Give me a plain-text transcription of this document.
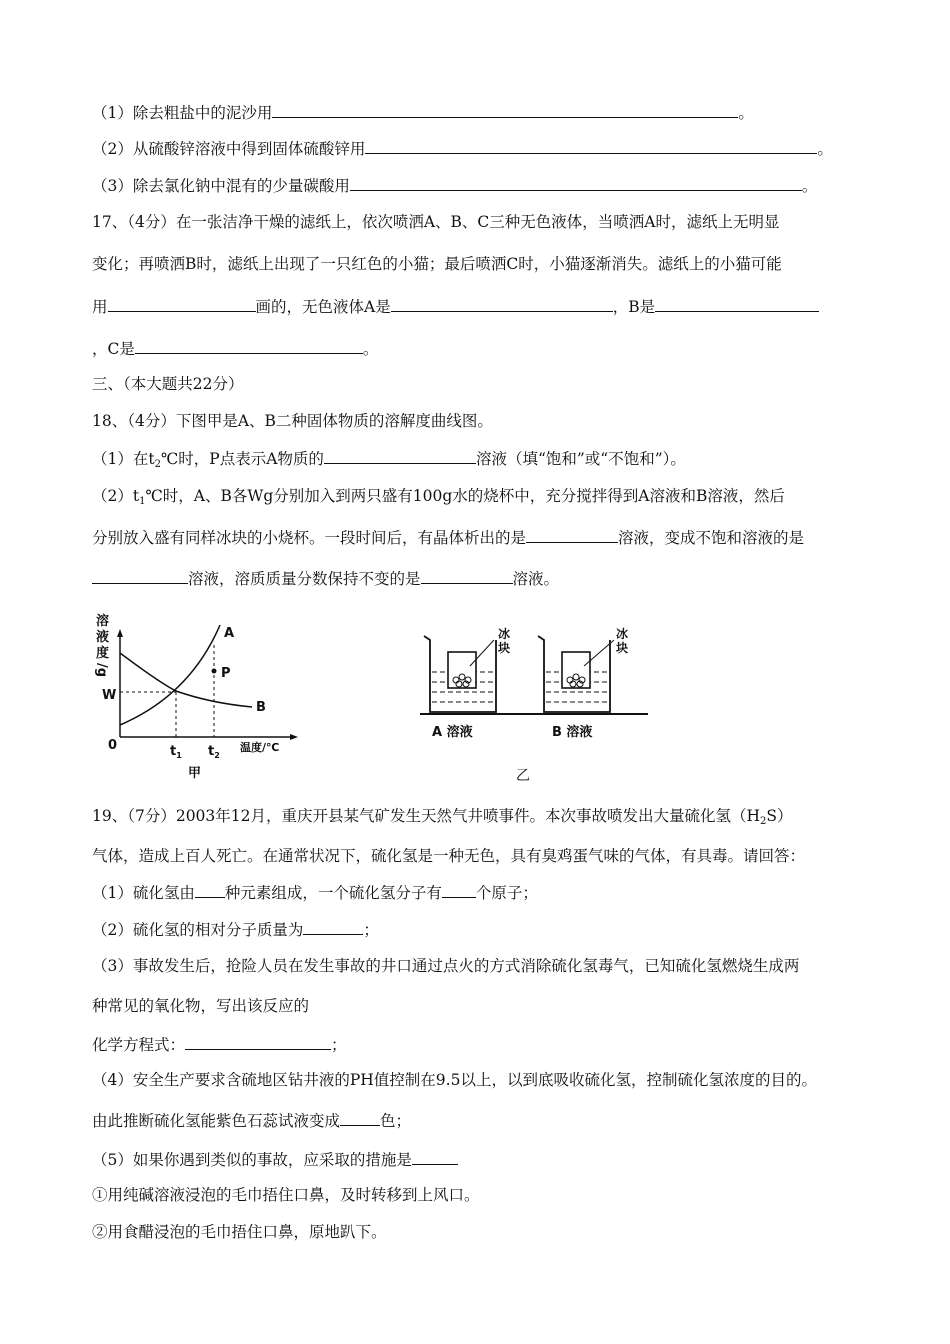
（1）除去粗盐中的泥沙用	。
（2）从硫酸锌溶液中得到固体硫酸锌用	。
（3）除去氯化钠中混有的少量碳酸用	。
17、（4分）在一张洁净干燥的滤纸上，依次喷洒A、B、C三种无色液体，当喷洒A时，滤纸上无明显
变化；再喷洒B时，滤纸上出现了一只红色的小猫；最后喷洒C时，小猫逐渐消失。滤纸上的小猫可能
用	画的，无色液体A是	，B是
，C是	。
三、（本大题共22分）
18、（4分）下图甲是A、B二种固体物质的溶解度曲线图。
（1）在$t_2℃$时，P点表示A物质的	溶液（填“饱和”或“不饱和”）。
$(2)t_1℃$时，A、B各Wg分别加入到两只盛有100g水的烧杯中，充分搅拌得到A溶液和B溶液，然后
分别放入盛有同样冰块的小烧杯。一段时间后，有晶体析出的是	溶液，变成不饱和溶液的是
溶液，溶质质量分数保持不变的是	溶液。
溶
液
度
/g
W
0	温度/℃
$t_1$ $t_2$
A
B
P
甲
冰
块
A 溶液
冰
块
B 溶液
乙
19、（7分）2003年12月，重庆开县某气矿发生天然气井喷事件。本次事故喷发出大量硫化氢$(H_2S)$
气体，造成上百人死亡。在通常状况下，硫化氢是一种无色，具有臭鸡蛋气味的气体，有具毒。请回答：
（1）硫化氢由 种元素组成，一个硫化氢分子有 个原子；
（2）硫化氢的相对分子质量为	；
（3）事故发生后，抢险人员在发生事故的井口通过点火的方式消除硫化氢毒气，已知硫化氢燃烧生成两
种常见的氧化物，写出该反应的
化学方程式：	；
（4）安全生产要求含硫地区钻井液的PH值控制在9.5以上，以到底吸收硫化氢，控制硫化氢浓度的目的。
由此推断硫化氢能紫色石蕊试液变成	色；
（5）如果你遇到类似的事故，应采取的措施是
①用纯碱溶液浸泡的毛巾捂住口鼻，及时转移到上风口。
②用食醋浸泡的毛巾捂住口鼻，原地趴下。
